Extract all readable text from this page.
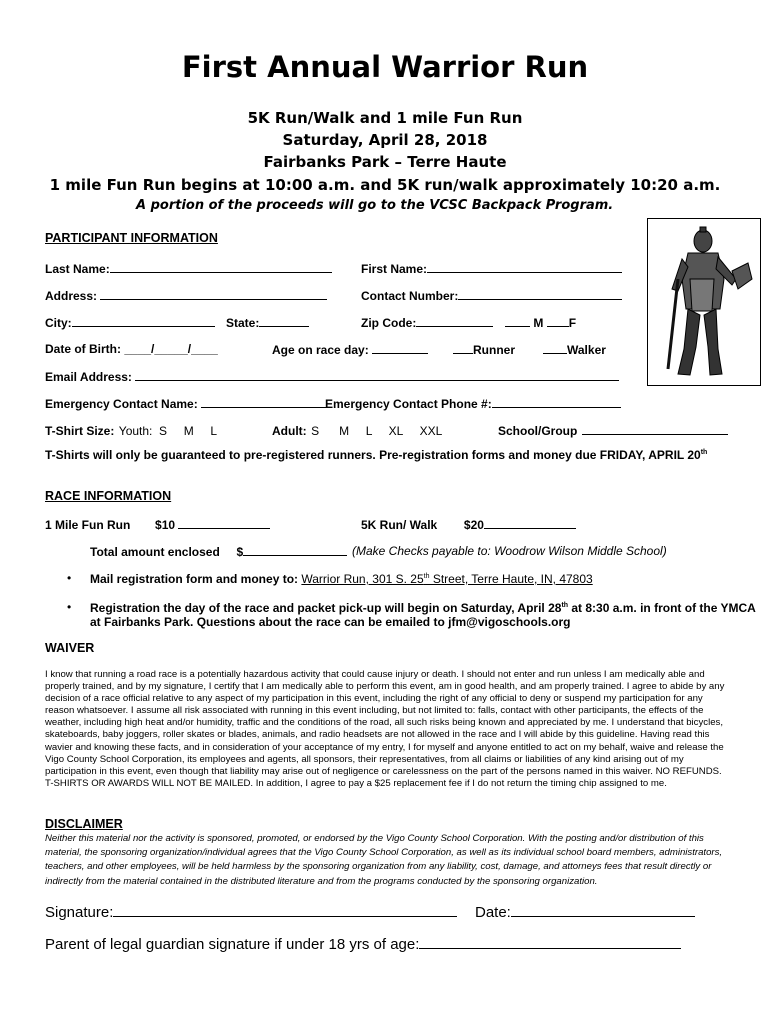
First Annual Warrior Run
5K Run/Walk and 1 mile Fun Run
Saturday, April 28, 2018
Fairbanks Park – Terre Haute
1 mile Fun Run begins at 10:00 a.m. and 5K run/walk approximately 10:20 a.m.
A portion of the proceeds will go to the VCSC Backpack Program.
PARTICIPANT INFORMATION
Last Name:	First Name:
Address:	Contact Number:
City:	State:	Zip Code:	M F
Date of Birth: ____/_____/____	Age on race day:	Runner	Walker
Email Address:
Emergency Contact Name:	Emergency Contact Phone #:
T-Shirt Size: Youth:  S     M     L	Adult: S      M     L     XL     XXL	School/Group
T-Shirts will only be guaranteed to pre-registered runners. Pre-registration forms and money due FRIDAY, APRIL 20th
RACE INFORMATION
1 Mile Fun Run $10	5K Run/ Walk $20
Total amount enclosed $	(Make Checks payable to: Woodrow Wilson Middle School)
• Mail registration form and money to: Warrior Run, 301 S. 25th Street, Terre Haute, IN, 47803
• Registration the day of the race and packet pick-up will begin on Saturday, April 28th at 8:30 a.m. in front of the YMCA
at Fairbanks Park. Questions about the race can be emailed to jfm@vigoschools.org
WAIVER
I know that running a road race is a potentially hazardous activity that could cause injury or death. I should not enter and run unless I am medically able and properly trained, and by my signature, I certify that I am medically able to perform this event, am in good health, and am properly trained. I agree to abide by any decision of a race official relative to any aspect of my participation in this event, including the right of any official to deny or suspend my participation for any reason whatsoever. I assume all risk associated with running in this event including, but not limited to: falls, contact with other participants, the effects of the weather, including high heat and/or humidity, traffic and the conditions of the road, all such risks being known and appreciated by me. I understand that bicycles, skateboards, baby joggers, roller skates or blades, animals, and radio headsets are not allowed in the race and I will abide by this guideline. Having read this wavier and knowing these facts, and in consideration of your acceptance of my entry, I for myself and anyone entitled to act on my behalf, waive and release the Vigo County School Corporation, its employees and agents, all sponsors, their representatives, from all claims or liabilities of any kind arising out of my participation in this event, even though that liability may arise out of negligence or carelessness on the part of the persons named in this waiver. NO REFUNDS. T-SHIRTS OR AWARDS WILL NOT BE MAILED. In addition, I agree to pay a $25 replacement fee if I do not return the timing chip assigned to me.
DISCLAIMER
Neither this material nor the activity is sponsored, promoted, or endorsed by the Vigo County School Corporation. With the posting and/or distribution of this material, the sponsoring organization/individual agrees that the Vigo County School Corporation, as well as its individual school board members, administrators, teachers, and other employees, will be held harmless by the sponsoring organization from any liability, cost, damage, and attorneys fees that result directly or indirectly from the material contained in the distributed literature and from the programs conducted by the sponsoring organization.
Signature:	Date:
Parent of legal guardian signature if under 18 yrs of age:
